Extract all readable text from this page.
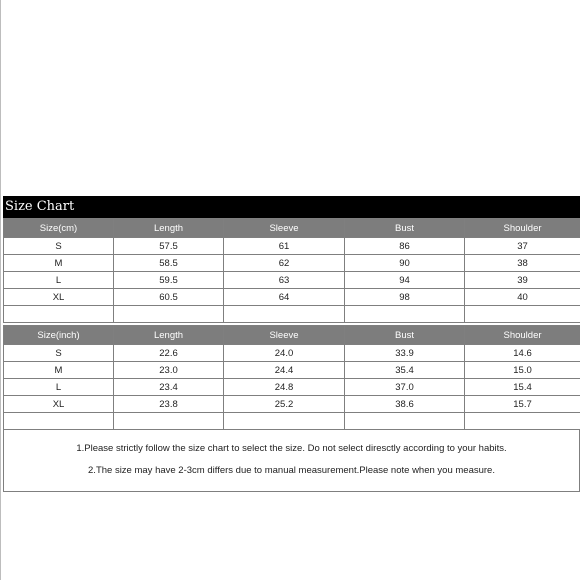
Size Chart
Size(cm)	Length	Sleeve	Bust	Shoulder
S	57.5	61	86	37
M	58.5	62	90	38
L	59.5	63	94	39
XL	60.5	64	98	40

Size(inch)	Length	Sleeve	Bust	Shoulder
S	22.6	24.0	33.9	14.6
M	23.0	24.4	35.4	15.0
L	23.4	24.8	37.0	15.4
XL	23.8	25.2	38.6	15.7

1.Please strictly follow the size chart to select the size. Do not select diresctly according to your habits.

2.The size may have 2-3cm differs due to manual measurement.Please note when you measure.
